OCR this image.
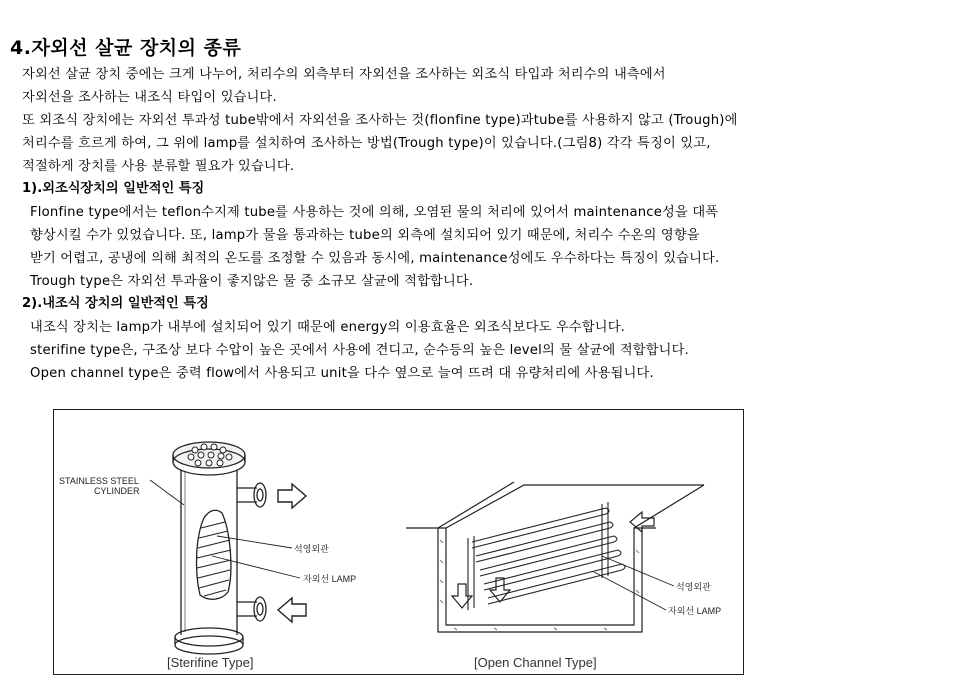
4.자외선 살균 장치의 종류
자외선 살균 장치 중에는 크게 나누어, 처리수의 외측부터 자외선을 조사하는 외조식 타입과 처리수의 내측에서
자외선을 조사하는 내조식 타입이 있습니다.
또 외조식 장치에는 자외선 투과성 tube밖에서 자외선을 조사하는 것(flonfine type)과tube를 사용하지 않고 (Trough)에
처리수를 흐르게 하여, 그 위에 lamp를 설치하여 조사하는 방법(Trough type)이 있습니다.(그림8) 각각 특징이 있고,
적절하게 장치를 사용 분류할 필요가 있습니다.
1).외조식장치의 일반적인 특징
Flonfine type에서는 teflon수지제 tube를 사용하는 것에 의해, 오염된 물의 처리에 있어서 maintenance성을 대폭
향상시킬 수가 있었습니다. 또, lamp가 물을 통과하는 tube의 외측에 설치되어 있기 때문에, 처리수 수온의 영향을
받기 어렵고, 공냉에 의해 최적의 온도를 조정할 수 있음과 동시에, maintenance성에도 우수하다는 특징이 있습니다.
Trough type은 자외선 투과율이 좋지않은 물 중 소규모 살균에 적합합니다.
2).내조식 장치의 일반적인 특징
내조식 장치는 lamp가 내부에 설치되어 있기 때문에 energy의 이용효율은 외조식보다도 우수합니다.
sterifine type은, 구조상 보다 수압이 높은 곳에서 사용에 견디고, 순수등의 높은 level의 물 살균에 적합합니다.
Open channel type은 중력 flow에서 사용되고 unit을 다수 옆으로 늘여 뜨려 대 유량처리에 사용됩니다.
STAINLESS STEEL
CYLINDER
석영외관
자외선 LAMP
[Sterifine Type]
석영외관
자외선 LAMP
[Open Channel Type]
